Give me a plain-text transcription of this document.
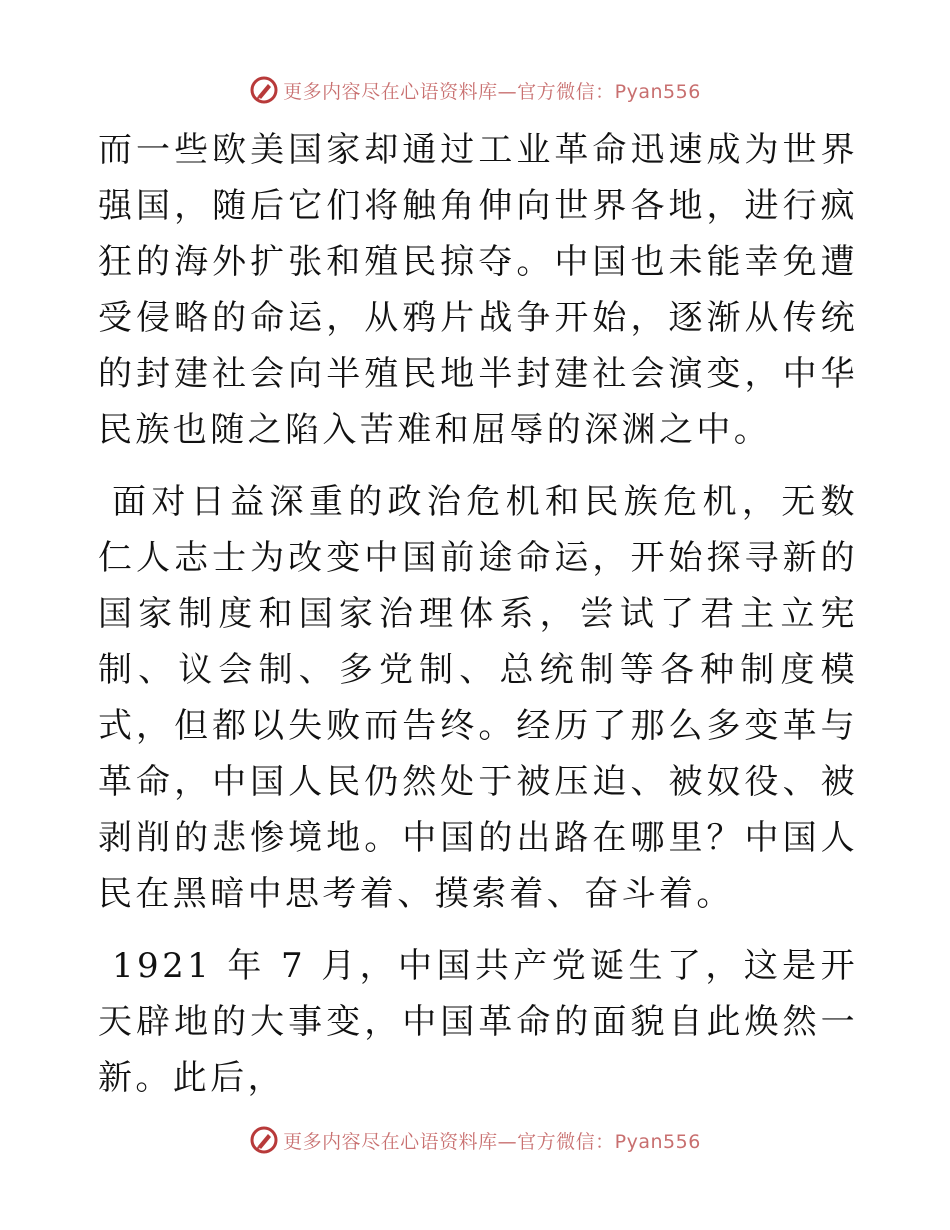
更多内容尽在心语资料库—官方微信：Pyan556

而一些欧美国家却通过工业革命迅速成为世界强国，随后它们将触角伸向世界各地，进行疯狂的海外扩张和殖民掠夺。中国也未能幸免遭受侵略的命运，从鸦片战争开始，逐渐从传统的封建社会向半殖民地半封建社会演变，中华民族也随之陷入苦难和屈辱的深渊之中。

面对日益深重的政治危机和民族危机，无数仁人志士为改变中国前途命运，开始探寻新的国家制度和国家治理体系，尝试了君主立宪制、议会制、多党制、总统制等各种制度模式，但都以失败而告终。经历了那么多变革与革命，中国人民仍然处于被压迫、被奴役、被剥削的悲惨境地。中国的出路在哪里？中国人民在黑暗中思考着、摸索着、奋斗着。

1921 年 7 月，中国共产党诞生了，这是开天辟地的大事变，中国革命的面貌自此焕然一新。此后，

更多内容尽在心语资料库—官方微信：Pyan556
